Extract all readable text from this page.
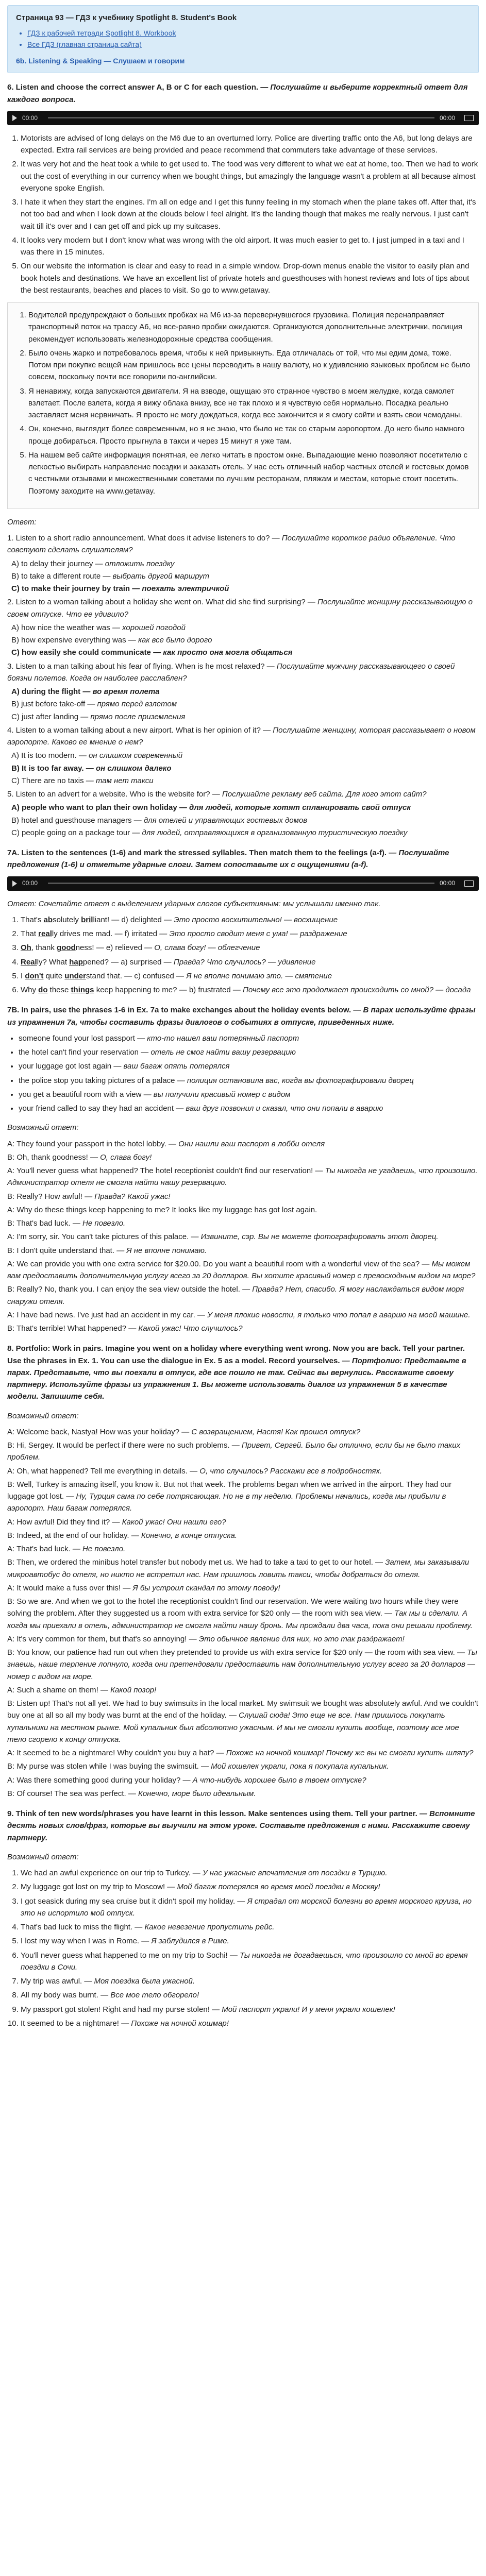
Страница 93 — ГДЗ к учебнику Spotlight 8. Student's Book
• ГДЗ к рабочей тетради Spotlight 8. Workbook
• Все ГДЗ (главная страница сайта)
6b. Listening & Speaking — Слушаем и говорим
6. Listen and choose the correct answer A, B or C for each question. — Послушайте и выберите корректный ответ для каждого вопроса.
00:00	00:00
1. Motorists are advised of long delays on the M6 due to an overturned lorry. Police are diverting traffic onto the A6, but long delays are expected. Extra rail services are being provided and peace recommend that commuters take advantage of these services.
2. It was very hot and the heat took a while to get used to. The food was very different to what we eat at home, too. Then we had to work out the cost of everything in our currency when we bought things, but amazingly the language wasn't a problem at all because almost everyone spoke English.
3. I hate it when they start the engines. I'm all on edge and I get this funny feeling in my stomach when the plane takes off. After that, it's not too bad and when I look down at the clouds below I feel alright. It's the landing though that makes me really nervous. I just can't wait till it's over and I can get off and pick up my suitcases.
4. It looks very modern but I don't know what was wrong with the old airport. It was much easier to get to. I just jumped in a taxi and I was there in 15 minutes.
5. On our website the information is clear and easy to read in a simple window. Drop-down menus enable the visitor to easily plan and book hotels and destinations. We have an excellent list of private hotels and guesthouses with honest reviews and lots of tips about the best restaurants, beaches and places to visit. So go to www.getaway.
1. Водителей предупреждают о больших пробках на М6 из-за перевернувшегося грузовика. Полиция перенаправляет транспортный поток на трассу А6, но все-равно пробки ожидаются. Организуются дополнительные электрички, полиция рекомендует использовать железнодорожные средства сообщения.
2. Было очень жарко и потребовалось время, чтобы к ней привыкнуть. Еда отличалась от той, что мы едим дома, тоже. Потом при покупке вещей нам пришлось все цены переводить в нашу валюту, но к удивлению языковых проблем не было совсем, поскольку почти все говорили по-английски.
3. Я ненавижу, когда запускаются двигатели. Я на взводе, ощущаю это странное чувство в моем желудке, когда самолет взлетает. После взлета, когда я вижу облака внизу, все не так плохо и я чувствую себя нормально. Посадка реально заставляет меня нервничать. Я просто не могу дождаться, когда все закончится и я смогу сойти и взять свои чемоданы.
4. Он, конечно, выглядит более современным, но я не знаю, что было не так со старым аэропортом. До него было намного проще добираться. Просто прыгнула в такси и через 15 минут я уже там.
5. На нашем веб сайте информация понятная, ее легко читать в простом окне. Выпадающие меню позволяют посетителю с легкостью выбирать направление поездки и заказать отель. У нас есть отличный набор частных отелей и гостевых домов с честными отзывами и множественными советами по лучшим ресторанам, пляжам и местам, которые стоит посетить. Поэтому заходите на www.getaway.
Ответ:
1. Listen to a short radio announcement. What does it advise listeners to do? — Послушайте короткое радио объявление. Что советуют сделать слушателям?
A) to delay their journey — отложить поездку
B) to take a different route — выбрать другой маршрут
C) to make their journey by train — поехать электричкой
2. Listen to a woman talking about a holiday she went on. What did she find surprising? — Послушайте женщину рассказывающую о своем отпуске. Что ее удивило?
A) how nice the weather was — хорошей погодой
B) how expensive everything was — как все было дорого
C) how easily she could communicate — как просто она могла общаться
3. Listen to a man talking about his fear of flying. When is he most relaxed? — Послушайте мужчину рассказывающего о своей боязни полетов. Когда он наиболее расслаблен?
A) during the flight — во время полета
B) just before take-off — прямо перед взлетом
C) just after landing — прямо после приземления
4. Listen to a woman talking about a new airport. What is her opinion of it? — Послушайте женщину, которая рассказывает о новом аэропорте. Каково ее мнение о нем?
A) It is too modern. — он слишком современный
B) It is too far away. — он слишком далеко
C) There are no taxis — там нет такси
5. Listen to an advert for a website. Who is the website for? — Послушайте рекламу веб сайта. Для кого этот сайт?
A) people who want to plan their own holiday — для людей, которые хотят спланировать свой отпуск
B) hotel and guesthouse managers — для отелей и управляющих гостевых домов
C) people going on a package tour — для людей, отправляющихся в организованную туристическую поездку
7A. Listen to the sentences (1-6) and mark the stressed syllables. Then match them to the feelings (a-f). — Послушайте предложения (1-6) и отметьте ударные слоги. Затем сопоставьте их с ощущениями (a-f).
00:00	00:00
Ответ: Сочетайте ответ с выделением ударных слогов субъективным: мы услышали именно так.
1. That's absolutely brilliant! — d) delighted — Это просто восхитительно! — восхищение
2. That really drives me mad. — f) irritated — Это просто сводит меня с ума! — раздражение
3. Oh, thank goodness! — e) relieved — О, слава богу! — облегчение
4. Really? What happened? — a) surprised — Правда? Что случилось? — удивление
5. I don't quite understand that. — c) confused — Я не вполне понимаю это. — смятение
6. Why do these things keep happening to me? — b) frustrated — Почему все это продолжает происходить со мной? — досада
7B. In pairs, use the phrases 1-6 in Ex. 7a to make exchanges about the holiday events below. — В парах используйте фразы из упражнения 7а, чтобы составить фразы диалогов о событиях в отпуске, приведенных ниже.
• someone found your lost passport — кто-то нашел ваш потерянный паспорт
• the hotel can't find your reservation — отель не смог найти вашу резервацию
• your luggage got lost again — ваш багаж опять потерялся
• the police stop you taking pictures of a palace — полиция остановила вас, когда вы фотографировали дворец
• you get a beautiful room with a view — вы получили красивый номер с видом
• your friend called to say they had an accident — ваш друг позвонил и сказал, что они попали в аварию
Возможный ответ:
A: They found your passport in the hotel lobby. — Они нашли ваш паспорт в лобби отеля
B: Oh, thank goodness! — О, слава богу!
A: You'll never guess what happened? The hotel receptionist couldn't find our reservation! — Ты никогда не угадаешь, что произошло. Администратор отеля не смогла найти нашу резервацию.
B: Really? How awful! — Правда? Какой ужас!
A: Why do these things keep happening to me? It looks like my luggage has got lost again.
B: That's bad luck. — Не повезло.
A: I'm sorry, sir. You can't take pictures of this palace. — Извините, сэр. Вы не можете фотографировать этот дворец.
B: I don't quite understand that. — Я не вполне понимаю.
A: We can provide you with one extra service for $20.00. Do you want a beautiful room with a wonderful view of the sea? — Мы можем вам предоставить дополнительную услугу всего за 20 долларов. Вы хотите красивый номер с превосходным видом на море?
B: Really? No, thank you. I can enjoy the sea view outside the hotel. — Правда? Нет, спасибо. Я могу наслаждаться видом моря снаружи отеля.
A: I have bad news. I've just had an accident in my car. — У меня плохие новости, я только что попал в аварию на моей машине.
B: That's terrible! What happened? — Какой ужас! Что случилось?
8. Portfolio: Work in pairs. Imagine you went on a holiday where everything went wrong. Now you are back. Tell your partner. Use the phrases in Ex. 1. You can use the dialogue in Ex. 5 as a model. Record yourselves. — Портфолио: Представьте в парах. Представьте, что вы поехали в отпуск, где все пошло не так. Сейчас вы вернулись. Расскажите своему партнеру. Используйте фразы из упражнения 1. Вы можете использовать диалог из упражнения 5 в качестве модели. Запишите себя.
Возможный ответ:
A: Welcome back, Nastya! How was your holiday? — С возвращением, Настя! Как прошел отпуск?
B: Hi, Sergey. It would be perfect if there were no such problems. — Привет, Сергей. Было бы отлично, если бы не было таких проблем.
A: Oh, what happened? Tell me everything in details. — О, что случилось? Расскажи все в подробностях.
B: Well, Turkey is amazing itself, you know it. But not that week. The problems began when we arrived in the airport. They had our luggage got lost. — Ну, Турция сама по себе потрясающая. Но не в ту неделю. Проблемы начались, когда мы прибыли в аэропорт. Наш багаж потерялся.
A: How awful! Did they find it? — Какой ужас! Они нашли его?
B: Indeed, at the end of our holiday. — Конечно, в конце отпуска.
A: That's bad luck. — Не повезло.
B: Then, we ordered the minibus hotel transfer but nobody met us. We had to take a taxi to get to our hotel. — Затем, мы заказывали микроавтобус до отеля, но никто не встретил нас. Нам пришлось ловить такси, чтобы добраться до отеля.
A: It would make a fuss over this! — Я бы устроил скандал по этому поводу!
B: So we are. And when we got to the hotel the receptionist couldn't find our reservation. We were waiting two hours while they were solving the problem. After they suggested us a room with extra service for $20 only — the room with sea view. — Так мы и сделали. А когда мы приехали в отель, администратор не смогла найти нашу бронь. Мы прождали два часа, пока они решали проблему.
A: It's very common for them, but that's so annoying! — Это обычное явление для них, но это так раздражает!
B: You know, our patience had run out when they pretended to provide us with extra service for $20 only — the room with sea view. — Ты знаешь, наше терпение лопнуло, когда они претендовали предоставить нам дополнительную услугу всего за 20 долларов — номер с видом на море.
A: Such a shame on them! — Какой позор!
B: Listen up! That's not all yet. We had to buy swimsuits in the local market. My swimsuit we bought was absolutely awful. And we couldn't buy one at all so all my body was burnt at the end of the holiday. — Слушай сюда! Это еще не все. Нам пришлось покупать купальники на местном рынке. Мой купальник был абсолютно ужасным. И мы не смогли купить вообще, поэтому все мое тело сгорело к концу отпуска.
A: It seemed to be a nightmare! Why couldn't you buy a hat? — Похоже на ночной кошмар! Почему же вы не смогли купить шляпу?
B: My purse was stolen while I was buying the swimsuit. — Мой кошелек украли, пока я покупала купальник.
A: Was there something good during your holiday? — А что-нибудь хорошее было в твоем отпуске?
B: Of course! The sea was perfect. — Конечно, море было идеальным.
9. Think of ten new words/phrases you have learnt in this lesson. Make sentences using them. Tell your partner. — Вспомните десять новых слов/фраз, которые вы выучили на этом уроке. Составьте предложения с ними. Расскажите своему партнеру.
Возможный ответ:
1. We had an awful experience on our trip to Turkey. — У нас ужасные впечатления от поездки в Турцию.
2. My luggage got lost on my trip to Moscow! — Мой багаж потерялся во время моей поездки в Москву!
3. I got seasick during my sea cruise but it didn't spoil my holiday. — Я страдал от морской болезни во время морского круиза, но это не испортило мой отпуск.
4. That's bad luck to miss the flight. — Какое невезение пропустить рейс.
5. I lost my way when I was in Rome. — Я заблудился в Риме.
6. You'll never guess what happened to me on my trip to Sochi! — Ты никогда не догадаешься, что произошло со мной во время поездки в Сочи.
7. My trip was awful. — Моя поездка была ужасной.
8. All my body was burnt. — Все мое тело обгорело!
9. My passport got stolen! Right and had my purse stolen! — Мой паспорт украли! И у меня украли кошелек!
10. It seemed to be a nightmare! — Похоже на ночной кошмар!
